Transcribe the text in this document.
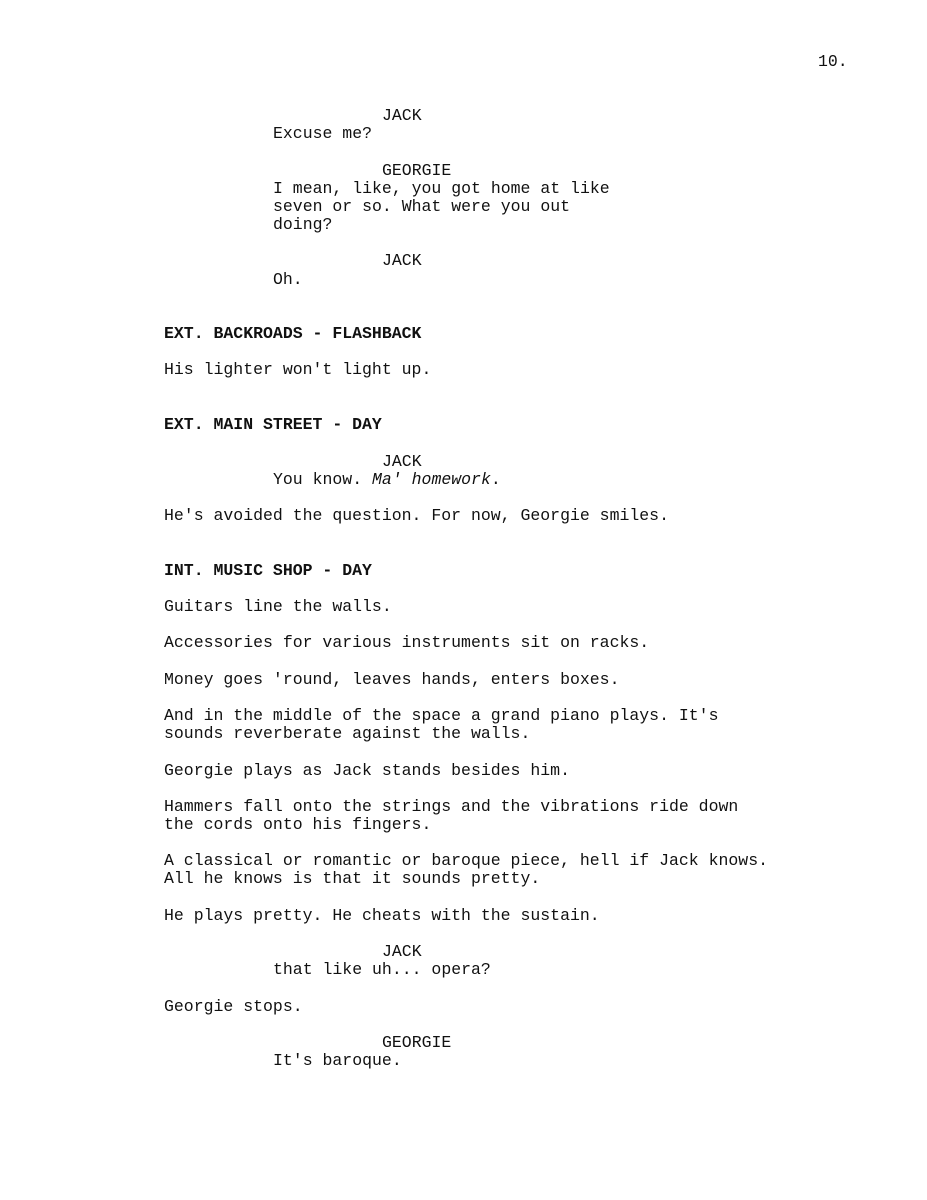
10.
JACK
Excuse me?
GEORGIE
I mean, like, you got home at like
seven or so. What were you out
doing?
JACK
Oh.
EXT. BACKROADS - FLASHBACK
His lighter won't light up.
EXT. MAIN STREET - DAY
JACK
You know. Ma' homework.
He's avoided the question. For now, Georgie smiles.
INT. MUSIC SHOP - DAY
Guitars line the walls.
Accessories for various instruments sit on racks.
Money goes 'round, leaves hands, enters boxes.
And in the middle of the space a grand piano plays. It's
sounds reverberate against the walls.
Georgie plays as Jack stands besides him.
Hammers fall onto the strings and the vibrations ride down
the cords onto his fingers.
A classical or romantic or baroque piece, hell if Jack knows.
All he knows is that it sounds pretty.
He plays pretty. He cheats with the sustain.
JACK
that like uh... opera?
Georgie stops.
GEORGIE
It's baroque.
